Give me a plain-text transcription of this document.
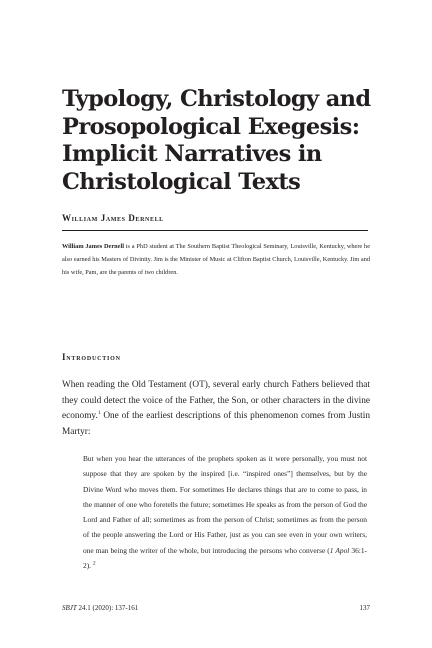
Typology, Christology and Prosopological Exegesis: Implicit Narratives in Christological Texts

William James Dernell

William James Dernell is a PhD student at The Southern Baptist Theological Seminary, Louisville, Kentucky, where he also earned his Masters of Divinity. Jim is the Minister of Music at Clifton Baptist Church, Louisville, Kentucky. Jim and his wife, Pam, are the parents of two children.

Introduction

When reading the Old Testament (OT), several early church Fathers believed that they could detect the voice of the Father, the Son, or other characters in the divine economy.$^1$ One of the earliest descriptions of this phenomenon comes from Justin Martyr:

But when you hear the utterances of the prophets spoken as it were personally, you must not suppose that they are spoken by the inspired [i.e. “inspired ones”] themselves, but by the Divine Word who moves them. For sometimes He declares things that are to come to pass, in the manner of one who foretells the future; sometimes He speaks as from the person of God the Lord and Father of all; sometimes as from the person of Christ; sometimes as from the person of the people answering the Lord or His Father, just as you can see even in your own writers, one man being the writer of the whole, but introducing the persons who converse (1 Apol 36:1-2). $^2$

SBJT 24.1 (2020): 137-161	137
